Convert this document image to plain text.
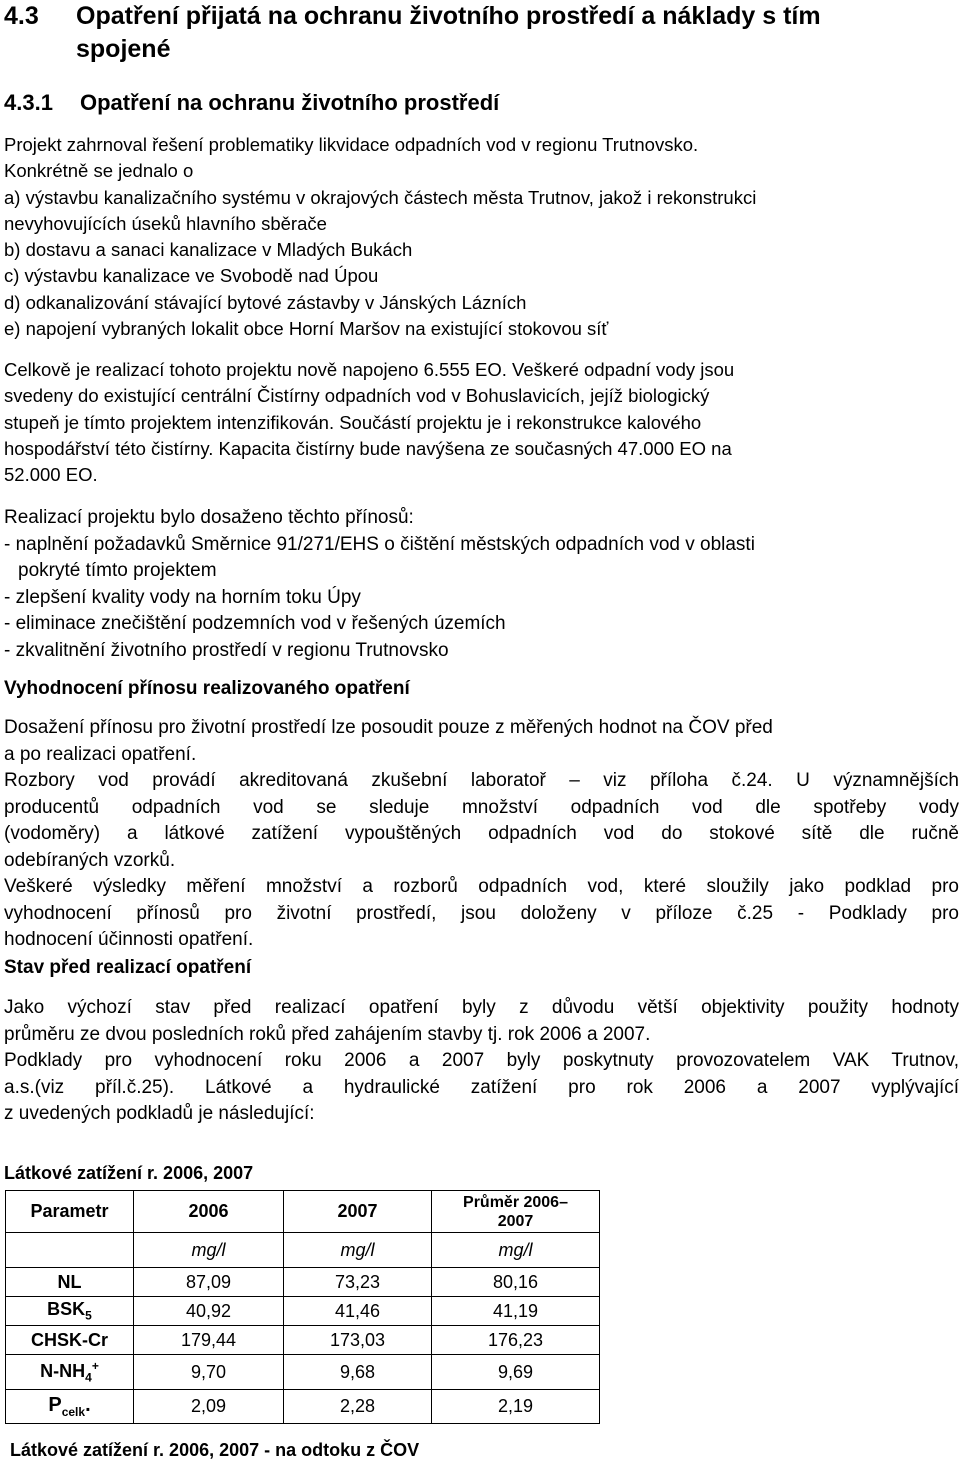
4.3 Opatření přijatá na ochranu životního prostředí a náklady s tím
spojené
4.3.1 Opatření na ochranu životního prostředí
Projekt zahrnoval řešení problematiky likvidace odpadních vod v regionu Trutnovsko.
Konkrétně se jednalo o
a) výstavbu kanalizačního systému v okrajových částech města Trutnov, jakož i rekonstrukci
nevyhovujících úseků hlavního sběrače
b) dostavu a sanaci kanalizace v Mladých Bukách
c) výstavbu kanalizace ve Svobodě nad Úpou
d) odkanalizování stávající bytové zástavby v Jánských Lázních
e) napojení vybraných lokalit obce Horní Maršov na existující stokovou síť
Celkově je realizací tohoto projektu nově napojeno 6.555 EO. Veškeré odpadní vody jsou
svedeny do existující centrální Čistírny odpadních vod v Bohuslavicích, jejíž biologický
stupeň je tímto projektem intenzifikován. Součástí projektu je i rekonstrukce kalového
hospodářství této čistírny. Kapacita čistírny bude navýšena ze současných 47.000 EO na
52.000 EO.
Realizací projektu bylo dosaženo těchto přínosů:
- naplnění požadavků Směrnice 91/271/EHS o čištění městských odpadních vod v oblasti
pokryté tímto projektem
- zlepšení kvality vody na horním toku Úpy
- eliminace znečištění podzemních vod v řešených územích
- zkvalitnění životního prostředí v regionu Trutnovsko
Vyhodnocení přínosu realizovaného opatření
Dosažení přínosu pro životní prostředí lze posoudit pouze z měřených hodnot na ČOV před
a po realizaci opatření.
Rozbory vod provádí akreditovaná zkušební laboratoř – viz příloha č.24. U významnějších
producentů odpadních vod se sleduje množství odpadních vod dle spotřeby vody
(vodoměry) a látkové zatížení vypouštěných odpadních vod do stokové sítě dle ručně
odebíraných vzorků.
Veškeré výsledky měření množství a rozborů odpadních vod, které sloužily jako podklad pro
vyhodnocení přínosů pro životní prostředí, jsou doloženy v příloze č.25 - Podklady pro
hodnocení účinnosti opatření.
Stav před realizací opatření
Jako výchozí stav před realizací opatření byly z důvodu větší objektivity použity hodnoty
průměru ze dvou posledních roků před zahájením stavby tj. rok 2006 a 2007.
Podklady pro vyhodnocení roku 2006 a 2007 byly poskytnuty provozovatelem VAK Trutnov,
a.s.(viz příl.č.25). Látkové a hydraulické zatížení pro rok 2006 a 2007 vyplývající
z uvedených podkladů je následující:
Látkové zatížení r. 2006, 2007
Parametr	2006	2007	Průměr 2006–
2007

	mg/l	mg/l	mg/l
NL	87,09	73,23	80,16
$BSK_5$	40,92	41,46	41,19
CHSK-Cr	179,44	173,03	176,23
$N-NH_4^+$	9,70	9,68	9,69
$P_{celk}$.	2,09	2,28	2,19
Látkové zatížení r. 2006, 2007 - na odtoku z ČOV
